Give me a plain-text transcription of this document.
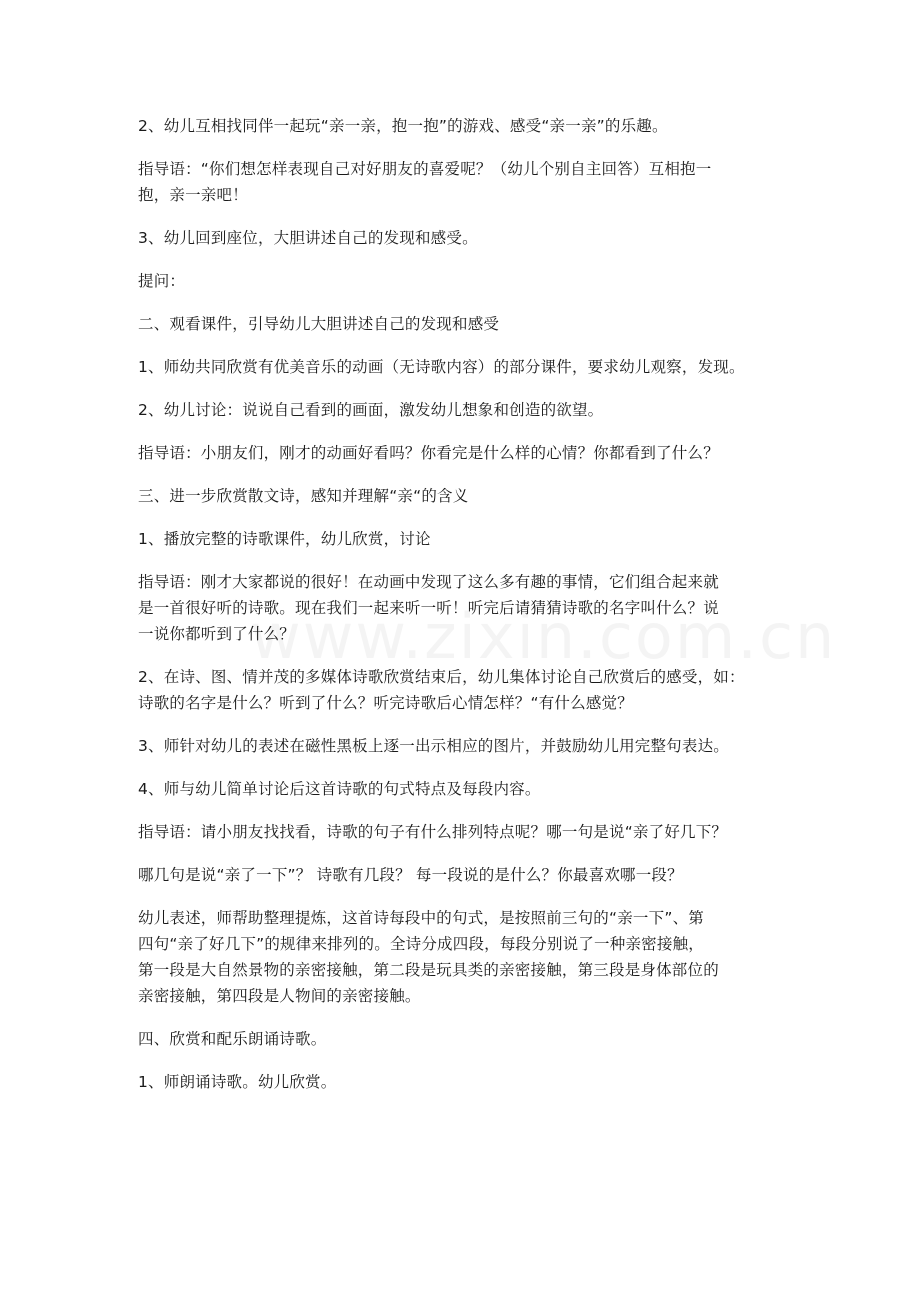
2、幼儿互相找同伴一起玩“亲一亲，抱一抱”的游戏、感受“亲一亲”的乐趣。

指导语：“你们想怎样表现自己对好朋友的喜爱呢？（幼儿个别自主回答）互相抱一
抱，亲一亲吧！

3、幼儿回到座位，大胆讲述自己的发现和感受。

提问：

二、观看课件，引导幼儿大胆讲述自己的发现和感受

1、师幼共同欣赏有优美音乐的动画（无诗歌内容）的部分课件，要求幼儿观察，发现。

2、幼儿讨论：说说自己看到的画面，激发幼儿想象和创造的欲望。

指导语：小朋友们，刚才的动画好看吗？你看完是什么样的心情？你都看到了什么？

三、进一步欣赏散文诗，感知并理解“亲“的含义

1、播放完整的诗歌课件，幼儿欣赏，讨论

指导语：刚才大家都说的很好！在动画中发现了这么多有趣的事情，它们组合起来就
是一首很好听的诗歌。现在我们一起来听一听！听完后请猜猜诗歌的名字叫什么？说
一说你都听到了什么？

2、在诗、图、情并茂的多媒体诗歌欣赏结束后，幼儿集体讨论自己欣赏后的感受，如：
诗歌的名字是什么？听到了什么？听完诗歌后心情怎样？“有什么感觉？

3、师针对幼儿的表述在磁性黑板上逐一出示相应的图片，并鼓励幼儿用完整句表达。

4、师与幼儿简单讨论后这首诗歌的句式特点及每段内容。

指导语：请小朋友找找看，诗歌的句子有什么排列特点呢？哪一句是说“亲了好几下？

哪几句是说“亲了一下”？ 诗歌有几段？ 每一段说的是什么？你最喜欢哪一段？

幼儿表述，师帮助整理提炼，这首诗每段中的句式，是按照前三句的“亲一下”、第
四句“亲了好几下”的规律来排列的。全诗分成四段，每段分别说了一种亲密接触，
第一段是大自然景物的亲密接触，第二段是玩具类的亲密接触，第三段是身体部位的
亲密接触，第四段是人物间的亲密接触。

四、欣赏和配乐朗诵诗歌。

1、师朗诵诗歌。幼儿欣赏。
